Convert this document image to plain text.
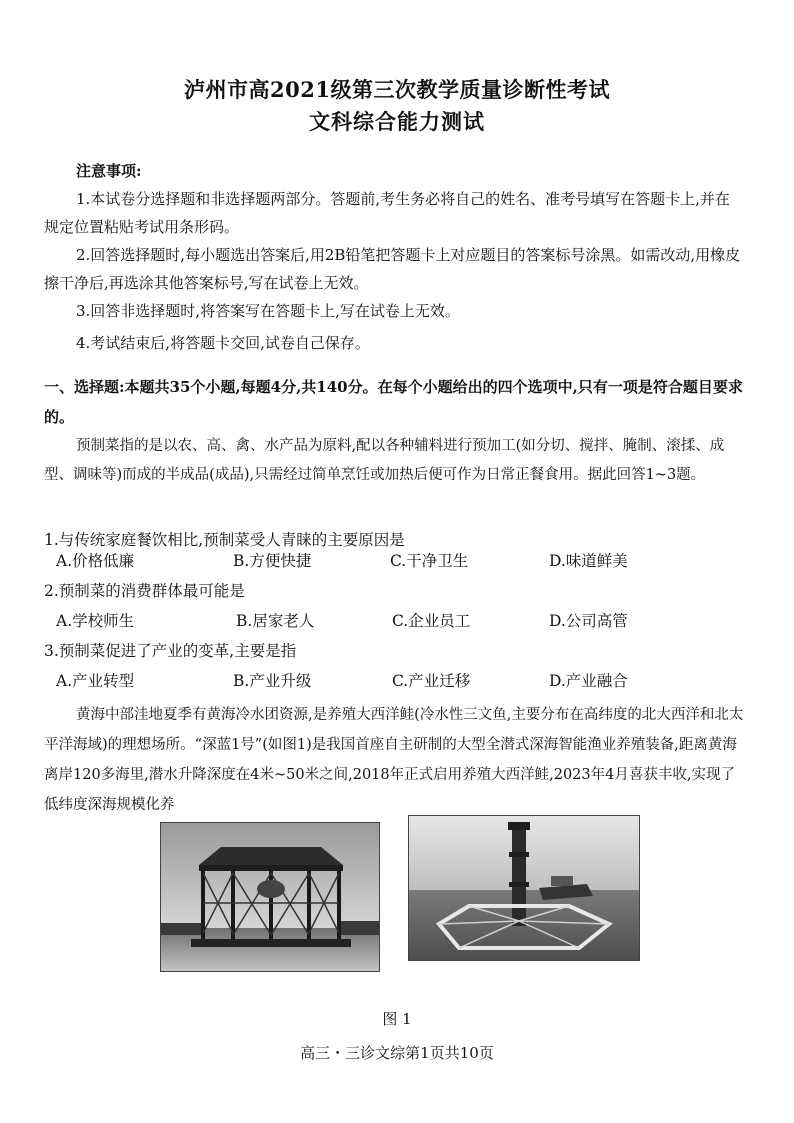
泸州市高2021级第三次教学质量诊断性考试
文科综合能力测试
注意事项:
1.本试卷分选择题和非选择题两部分。答题前,考生务必将自己的姓名、准考号填写在答题卡上,并在规定位置粘贴考试用条形码。
2.回答选择题时,每小题选出答案后,用2B铅笔把答题卡上对应题目的答案标号涂黑。如需改动,用橡皮擦干净后,再选涂其他答案标号,写在试卷上无效。
3.回答非选择题时,将答案写在答题卡上,写在试卷上无效。
4.考试结束后,将答题卡交回,试卷自己保存。
一、选择题:本题共35个小题,每题4分,共140分。在每个小题给出的四个选项中,只有一项是符合题目要求的。
预制菜指的是以农、高、禽、水产品为原料,配以各种辅料进行预加工(如分切、搅拌、腌制、滚揉、成型、调味等)而成的半成品(成品),只需经过简单烹饪或加热后便可作为日常正餐食用。据此回答1~3题。
1.与传统家庭餐饮相比,预制菜受人青睐的主要原因是
A.价格低廉	B.方便快捷	C.干净卫生	D.味道鲜美
2.预制菜的消费群体最可能是
A.学校师生	B.居家老人	C.企业员工	D.公司高管
3.预制菜促进了产业的变革,主要是指
A.产业转型	B.产业升级	C.产业迁移	D.产业融合
黄海中部洼地夏季有黄海冷水团资源,是养殖大西洋鲑(冷水性三文鱼,主要分布在高纬度的北大西洋和北太平洋海域)的理想场所。“深蓝1号”(如图1)是我国首座自主研制的大型全潜式深海智能渔业养殖装备,距离黄海离岸120多海里,潜水升降深度在4米~50米之间,2018年正式启用养殖大西洋鲑,2023年4月喜获丰收,实现了低纬度深海规模化养
图 1
高三・三诊文综第1页共10页
